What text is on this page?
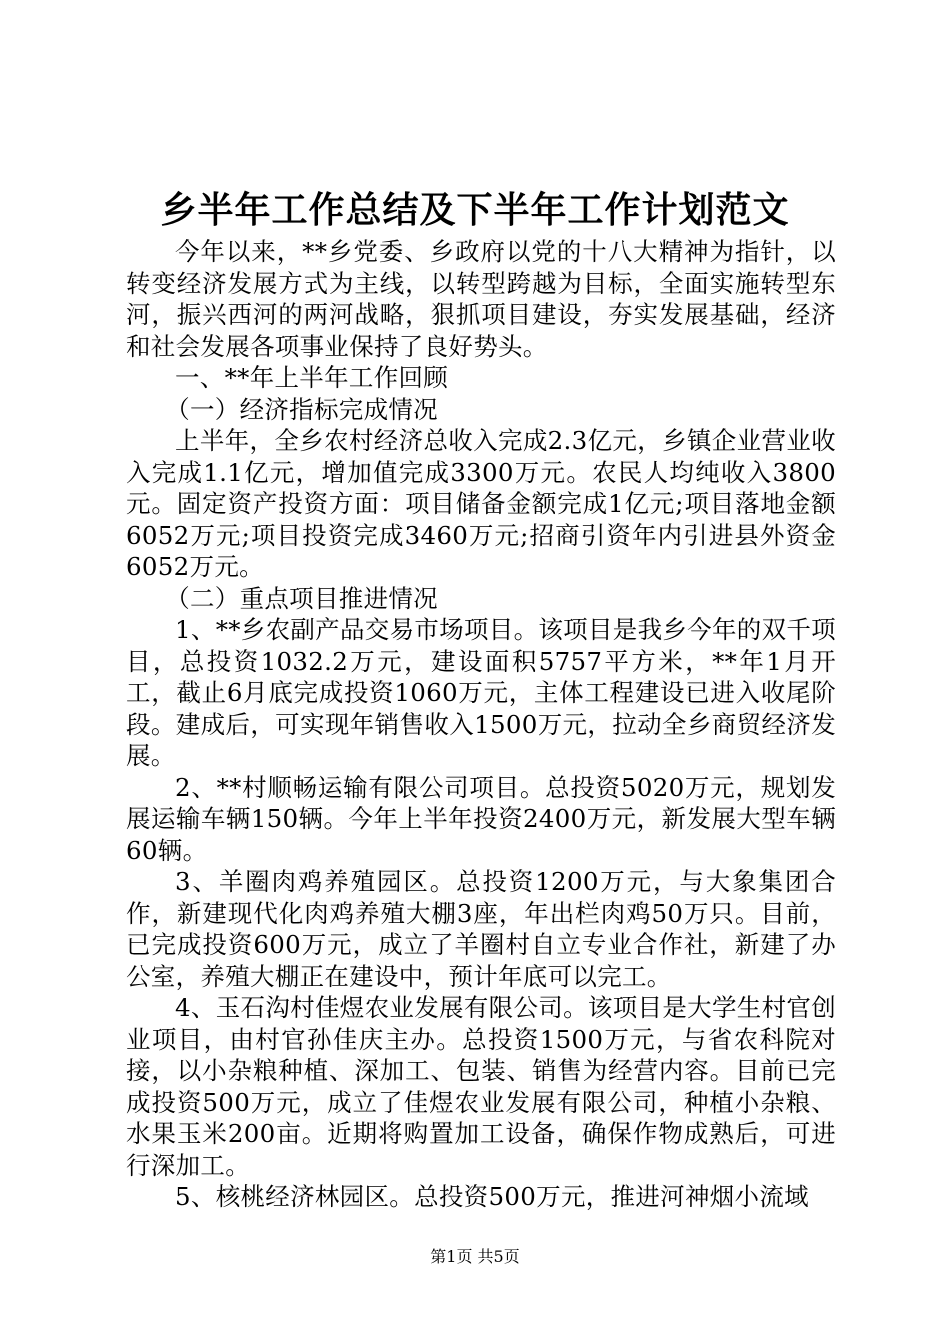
乡半年工作总结及下半年工作计划范文

今年以来，**乡党委、乡政府以党的十八大精神为指针，以转变经济发展方式为主线，以转型跨越为目标，全面实施转型东河，振兴西河的两河战略，狠抓项目建设，夯实发展基础，经济和社会发展各项事业保持了良好势头。

一、**年上半年工作回顾

（一）经济指标完成情况

上半年，全乡农村经济总收入完成2.3亿元，乡镇企业营业收入完成1.1亿元，增加值完成3300万元。农民人均纯收入3800元。固定资产投资方面：项目储备金额完成1亿元;项目落地金额6052万元;项目投资完成3460万元;招商引资年内引进县外资金6052万元。

（二）重点项目推进情况

1、**乡农副产品交易市场项目。该项目是我乡今年的双千项目，总投资1032.2万元，建设面积5757平方米，**年1月开工，截止6月底完成投资1060万元，主体工程建设已进入收尾阶段。建成后，可实现年销售收入1500万元，拉动全乡商贸经济发展。

2、**村顺畅运输有限公司项目。总投资5020万元，规划发展运输车辆150辆。今年上半年投资2400万元，新发展大型车辆60辆。

3、羊圈肉鸡养殖园区。总投资1200万元，与大象集团合作，新建现代化肉鸡养殖大棚3座，年出栏肉鸡50万只。目前，已完成投资600万元，成立了羊圈村自立专业合作社，新建了办公室，养殖大棚正在建设中，预计年底可以完工。

4、玉石沟村佳煜农业发展有限公司。该项目是大学生村官创业项目，由村官孙佳庆主办。总投资1500万元，与省农科院对接，以小杂粮种植、深加工、包装、销售为经营内容。目前已完成投资500万元，成立了佳煜农业发展有限公司，种植小杂粮、水果玉米200亩。近期将购置加工设备，确保作物成熟后，可进行深加工。

5、核桃经济林园区。总投资500万元，推进河神烟小流域

第1页 共5页
